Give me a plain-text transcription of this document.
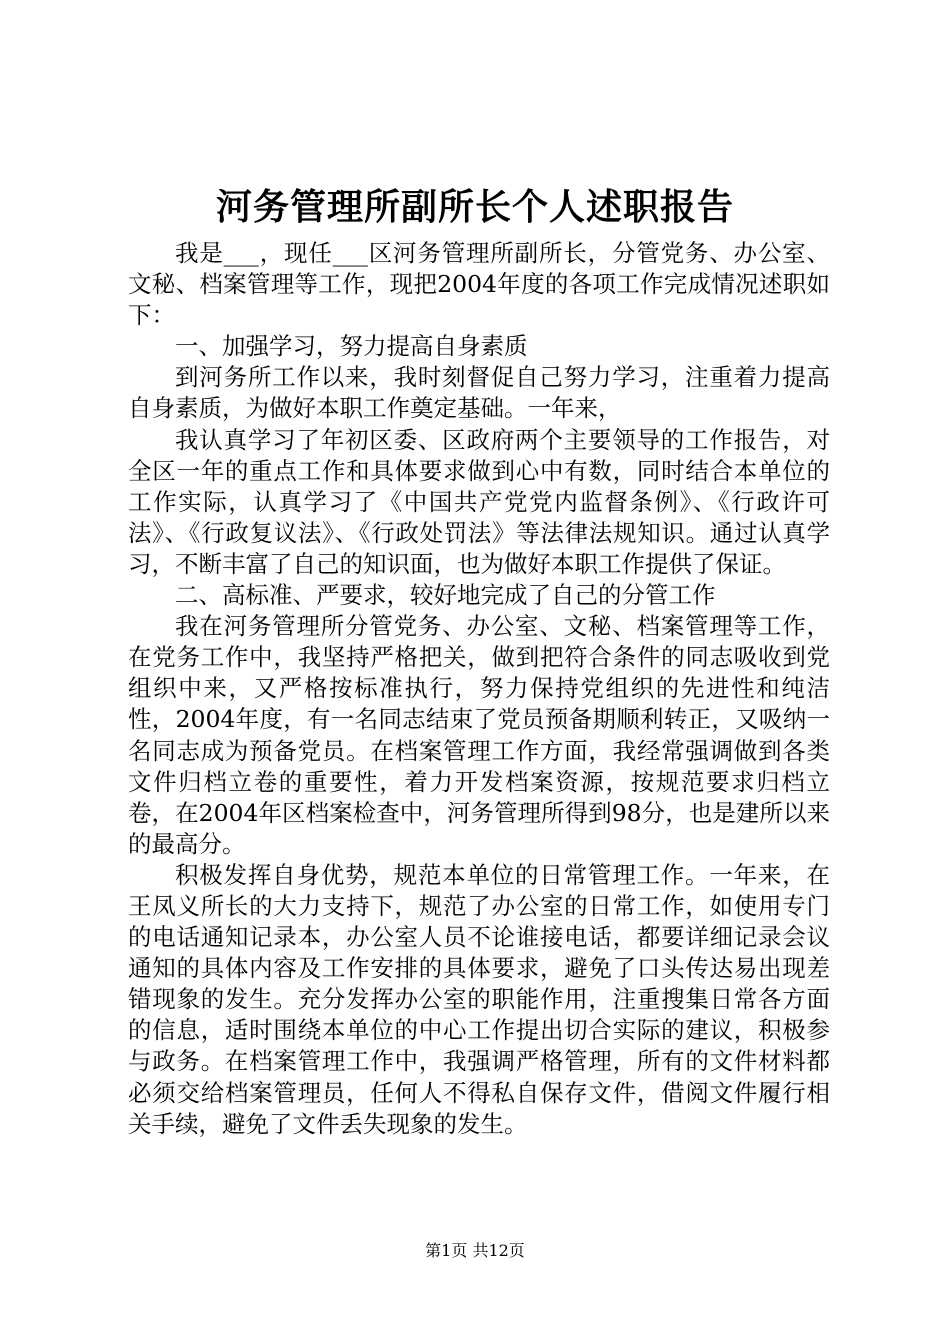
河务管理所副所长个人述职报告

我是___，现任___区河务管理所副所长，分管党务、办公室、文秘、档案管理等工作，现把2004年度的各项工作完成情况述职如下：

一、加强学习，努力提高自身素质

到河务所工作以来，我时刻督促自己努力学习，注重着力提高自身素质，为做好本职工作奠定基础。一年来，

我认真学习了年初区委、区政府两个主要领导的工作报告，对全区一年的重点工作和具体要求做到心中有数，同时结合本单位的工作实际，认真学习了《中国共产党党内监督条例》、《行政许可法》、《行政复议法》、《行政处罚法》等法律法规知识。通过认真学习，不断丰富了自己的知识面，也为做好本职工作提供了保证。

二、高标准、严要求，较好地完成了自己的分管工作

我在河务管理所分管党务、办公室、文秘、档案管理等工作，在党务工作中，我坚持严格把关，做到把符合条件的同志吸收到党组织中来，又严格按标准执行，努力保持党组织的先进性和纯洁性，2004年度，有一名同志结束了党员预备期顺利转正，又吸纳一名同志成为预备党员。在档案管理工作方面，我经常强调做到各类文件归档立卷的重要性，着力开发档案资源，按规范要求归档立卷，在2004年区档案检查中，河务管理所得到98分，也是建所以来的最高分。

积极发挥自身优势，规范本单位的日常管理工作。一年来，在王凤义所长的大力支持下，规范了办公室的日常工作，如使用专门的电话通知记录本，办公室人员不论谁接电话，都要详细记录会议通知的具体内容及工作安排的具体要求，避免了口头传达易出现差错现象的发生。充分发挥办公室的职能作用，注重搜集日常各方面的信息，适时围绕本单位的中心工作提出切合实际的建议，积极参与政务。在档案管理工作中，我强调严格管理，所有的文件材料都必须交给档案管理员，任何人不得私自保存文件，借阅文件履行相关手续，避免了文件丢失现象的发生。

第1页 共12页
